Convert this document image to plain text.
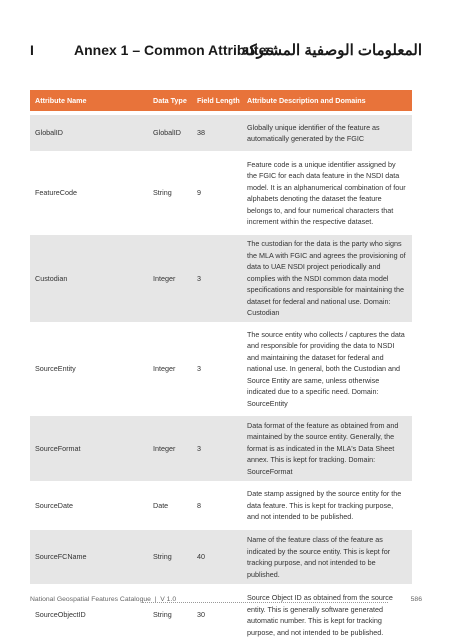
I	Annex 1 – Common Attributes
المعلومات الوصفية المشتركة
Attribute Name	Data Type	Field Length	Attribute Description and Domains

GlobalID	GlobalID	38	Globally unique identifier of the feature as automatically generated by the FGIC

FeatureCode	String	9	Feature code is a unique identifier assigned by the FGIC for each data feature in the NSDI data model. It is an alphanumerical combination of four alphabets denoting the dataset the feature belongs to, and four numerical characters that increment within the respective dataset.

Custodian	Integer	3	The custodian for the data is the party who signs the MLA with FGIC and agrees the provisioning of data to UAE NSDI project periodically and complies with the NSDI common data model specifications and responsible for maintaining the dataset for federal and national use. Domain: Custodian

SourceEntity	Integer	3	The source entity who collects / captures the data and responsible for providing the data to NSDI and maintaining the dataset for federal and national use. In general, both the Custodian and Source Entity are same, unless otherwise indicated due to a specific need. Domain: SourceEntity

SourceFormat	Integer	3	Data format of the feature as obtained from and maintained by the source entity. Generally, the format is as indicated in the MLA's Data Sheet annex. This is kept for tracking. Domain: SourceFormat

SourceDate	Date	8	Date stamp assigned by the source entity for the data feature. This is kept for tracking purpose, and not intended to be published.

SourceFCName	String	40	Name of the feature class of the feature as indicated by the source entity. This is kept for tracking purpose, and not intended to be published.

SourceObjectID	String	30	Source Object ID as obtained from the source entity. This is generally software generated automatic number. This is kept for tracking purpose, and not intended to be published.
National Geospatial Features Catalogue | V 1.0	586
